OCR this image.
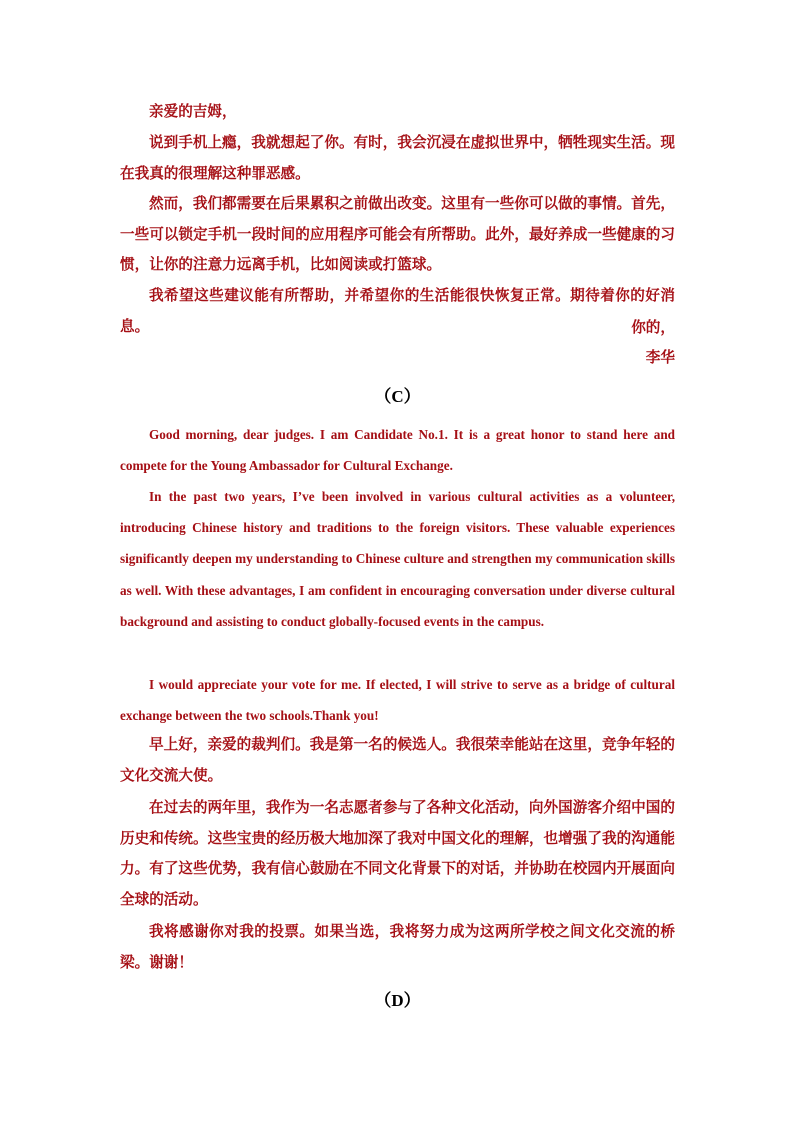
亲爱的吉姆，

说到手机上瘾，我就想起了你。有时，我会沉浸在虚拟世界中，牺牲现实生活。现在我真的很理解这种罪恶感。

然而，我们都需要在后果累积之前做出改变。这里有一些你可以做的事情。首先，一些可以锁定手机一段时间的应用程序可能会有所帮助。此外，最好养成一些健康的习惯，让你的注意力远离手机，比如阅读或打篮球。

我希望这些建议能有所帮助，并希望你的生活能很快恢复正常。期待着你的好消息。	你的，

李华

（C）

Good morning, dear judges. I am Candidate No.1. It is a great honor to stand here and compete for the Young Ambassador for Cultural Exchange.

In the past two years, I’ve been involved in various cultural activities as a volunteer, introducing Chinese history and traditions to the foreign visitors. These valuable experiences significantly deepen my understanding to Chinese culture and strengthen my communication skills as well. With these advantages, I am confident in encouraging conversation under diverse cultural background and assisting to conduct globally-focused events in the campus.

I would appreciate your vote for me. If elected, I will strive to serve as a bridge of cultural exchange between the two schools.Thank you!

早上好，亲爱的裁判们。我是第一名的候选人。我很荣幸能站在这里，竞争年轻的文化交流大使。

在过去的两年里，我作为一名志愿者参与了各种文化活动，向外国游客介绍中国的历史和传统。这些宝贵的经历极大地加深了我对中国文化的理解，也增强了我的沟通能力。有了这些优势，我有信心鼓励在不同文化背景下的对话，并协助在校园内开展面向全球的活动。

我将感谢你对我的投票。如果当选，我将努力成为这两所学校之间文化交流的桥梁。谢谢！

（D）
